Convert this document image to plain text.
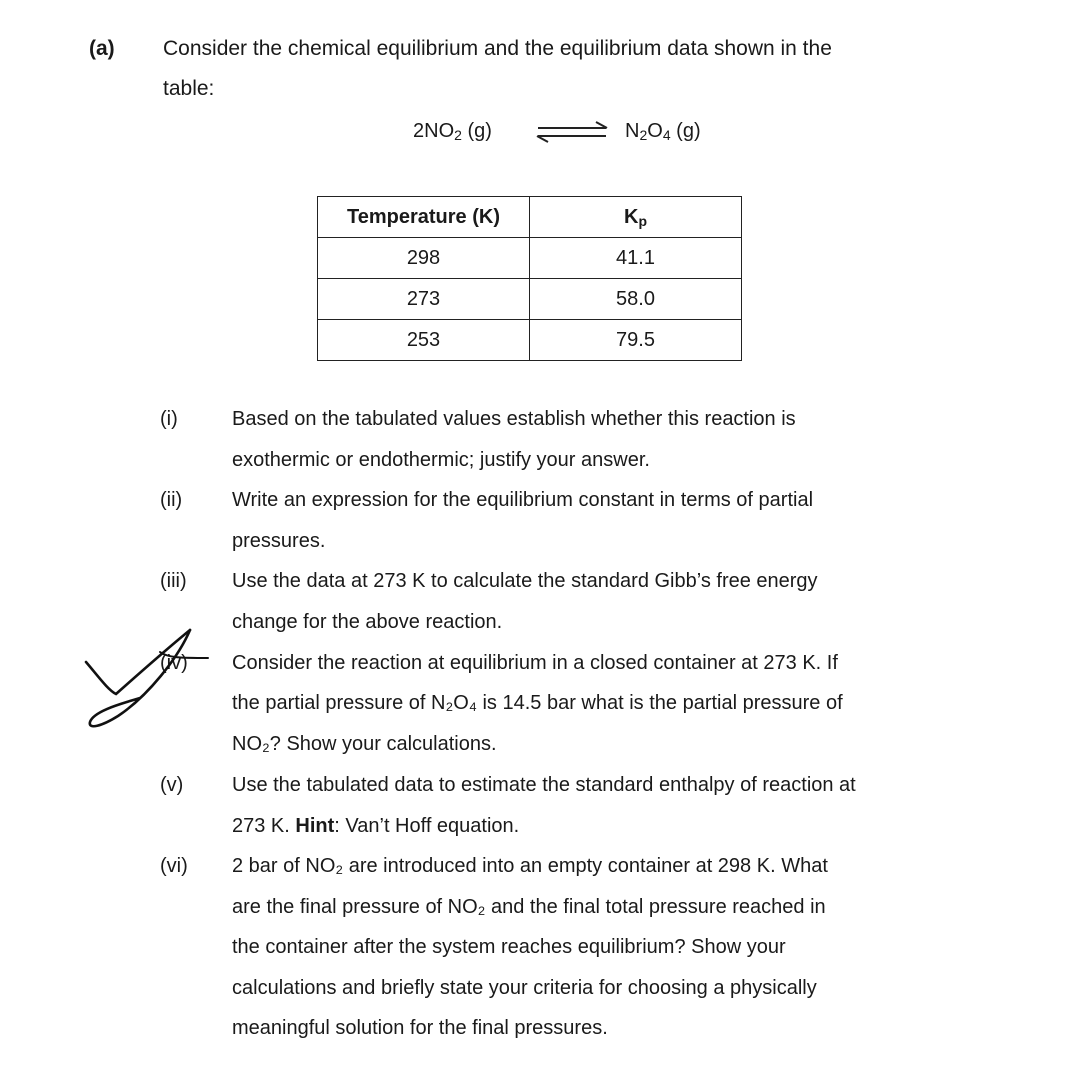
(a) Consider the chemical equilibrium and the equilibrium data shown in the
table:
$2NO_2$ (g)	$N_2O_4$ (g)
Temperature (K)	$K_p$
298	41.1
273	58.0
253	79.5
(i)	Based on the tabulated values establish whether this reaction is
exothermic or endothermic; justify your answer.
(ii) Write an expression for the equilibrium constant in terms of partial
pressures.
(iii) Use the data at 273 K to calculate the standard Gibb’s free energy
change for the above reaction.
(iv) Consider the reaction at equilibrium in a closed container at 273 K. If
the partial pressure of N₂O₄ is 14.5 bar what is the partial pressure of
NO₂? Show your calculations.
(v) Use the tabulated data to estimate the standard enthalpy of reaction at
273 K. Hint: Van’t Hoff equation.
(vi) 2 bar of NO₂ are introduced into an empty container at 298 K. What
are the final pressure of NO₂ and the final total pressure reached in
the container after the system reaches equilibrium? Show your
calculations and briefly state your criteria for choosing a physically
meaningful solution for the final pressures.
